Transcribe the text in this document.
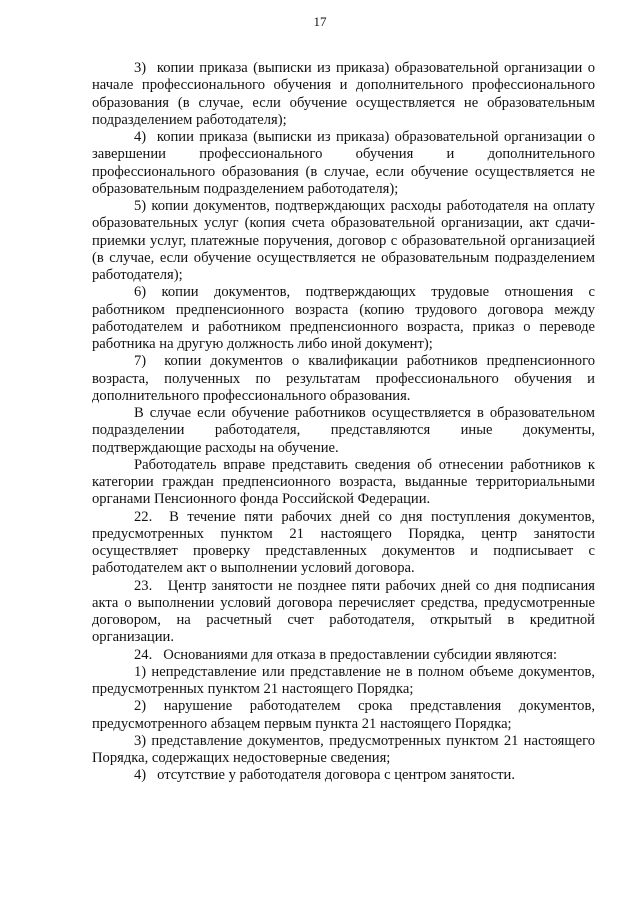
17

3)  копии приказа (выписки из приказа) образовательной организации о начале профессионального обучения и дополнительного профессионального образования (в случае, если обучение осуществляется не образовательным подразделением работодателя);

4)  копии приказа (выписки из приказа) образовательной организации о завершении профессионального обучения и дополнительного профессионального образования (в случае, если обучение осуществляется не образовательным подразделением работодателя);

5) копии документов, подтверждающих расходы работодателя на оплату образовательных услуг (копия счета образовательной организации, акт сдачи-приемки услуг, платежные поручения, договор с образовательной организацией (в случае, если обучение осуществляется не образовательным подразделением работодателя);

6) копии документов, подтверждающих трудовые отношения с работником предпенсионного возраста (копию трудового договора между работодателем и работником предпенсионного возраста, приказ о переводе работника на другую должность либо иной документ);

7)  копии документов о квалификации работников предпенсионного возраста, полученных по результатам профессионального обучения и дополнительного профессионального образования.

В случае если обучение работников осуществляется в образовательном подразделении работодателя, представляются иные документы, подтверждающие расходы на обучение.

Работодатель вправе представить сведения об отнесении работников к категории граждан предпенсионного возраста, выданные территориальными органами Пенсионного фонда Российской Федерации.

22.  В течение пяти рабочих дней со дня поступления документов, предусмотренных пунктом 21 настоящего Порядка, центр занятости осуществляет проверку представленных документов и подписывает с работодателем акт о выполнении условий договора.

23.   Центр занятости не позднее пяти рабочих дней со дня подписания акта о выполнении условий договора перечисляет средства, предусмотренные договором, на расчетный счет работодателя, открытый в кредитной организации.

24.   Основаниями для отказа в предоставлении субсидии являются:

1) непредставление или представление не в полном объеме документов, предусмотренных пунктом 21 настоящего Порядка;

2) нарушение работодателем срока представления документов, предусмотренного абзацем первым пункта 21 настоящего Порядка;

3) представление документов, предусмотренных пунктом 21 настоящего Порядка, содержащих недостоверные сведения;

4)   отсутствие у работодателя договора с центром занятости.
